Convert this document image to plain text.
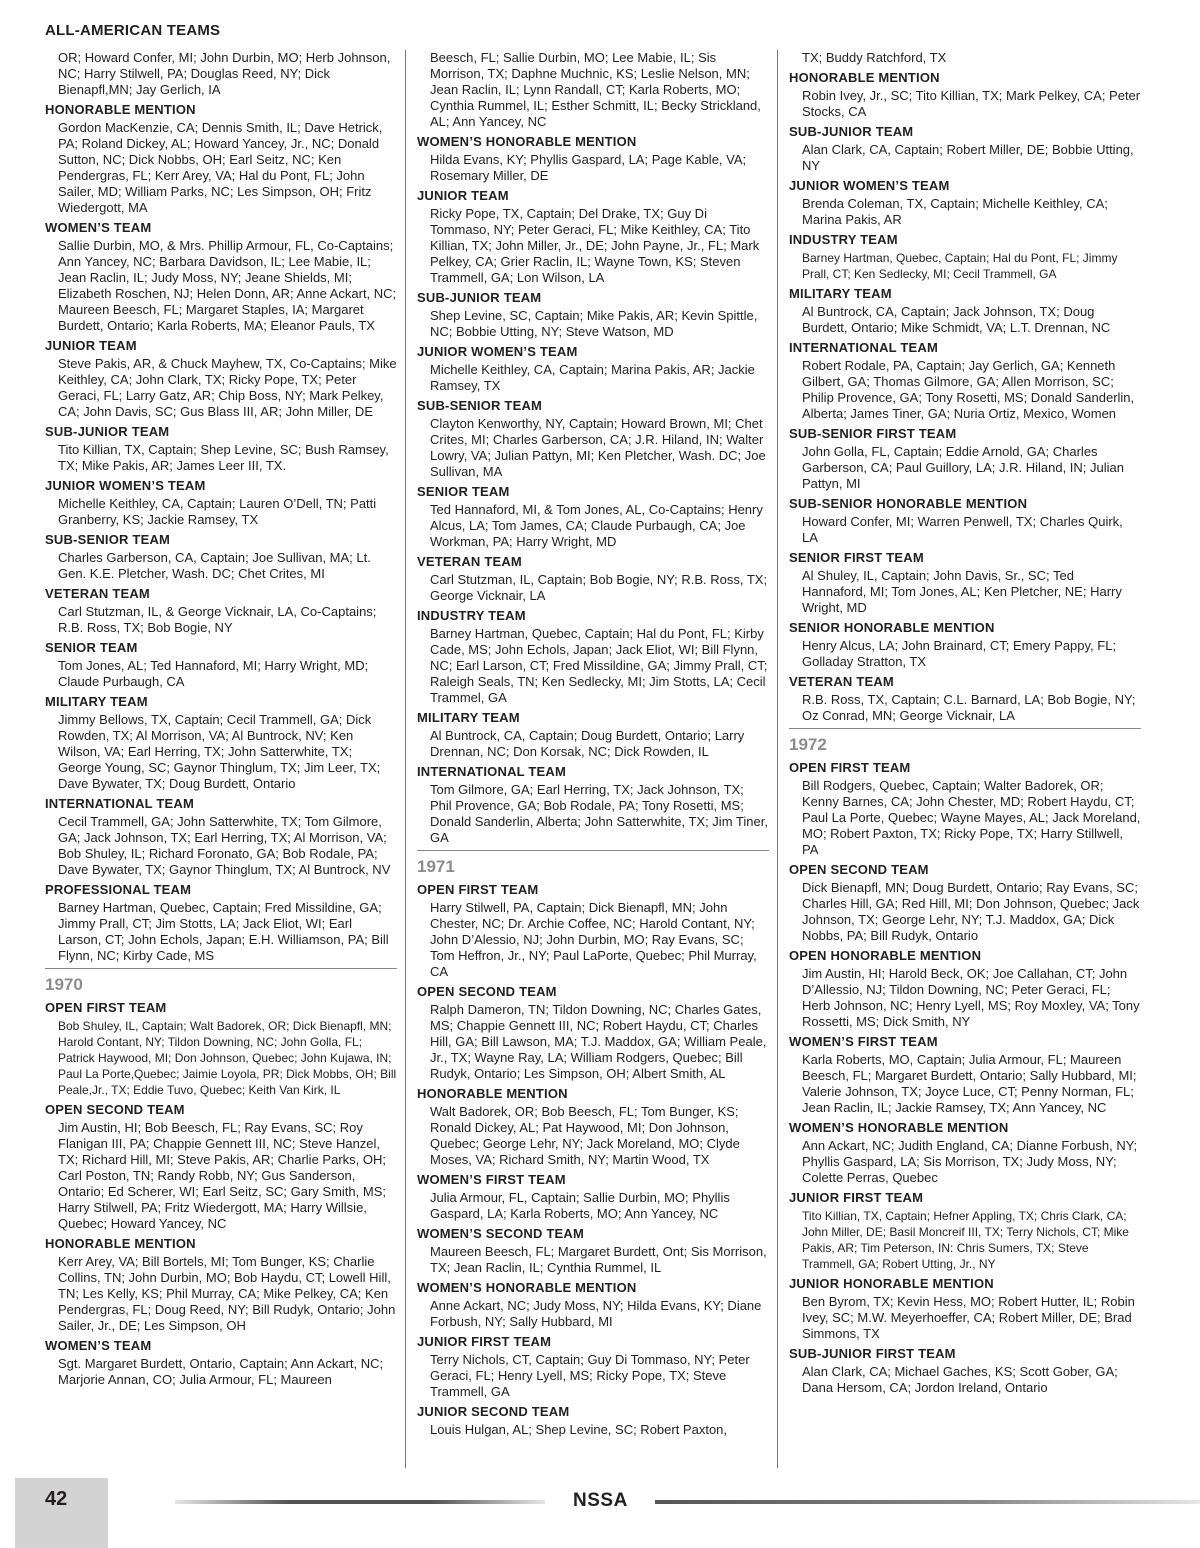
ALL-AMERICAN TEAMS
OR; Howard Confer, MI; John Durbin, MO; Herb Johnson, NC; Harry Stilwell, PA; Douglas Reed, NY; Dick Bienapfl,MN; Jay Gerlich, IA
HONORABLE MENTION
Gordon MacKenzie, CA; Dennis Smith, IL; Dave Hetrick, PA; Roland Dickey, AL; Howard Yancey, Jr., NC; Donald Sutton, NC; Dick Nobbs, OH; Earl Seitz, NC; Ken Pendergras, FL; Kerr Arey, VA; Hal du Pont, FL; John Sailer, MD; William Parks, NC; Les Simpson, OH; Fritz Wiedergott, MA
WOMEN’S TEAM
Sallie Durbin, MO, & Mrs. Phillip Armour, FL, Co-Captains; Ann Yancey, NC; Barbara Davidson, IL; Lee Mabie, IL; Jean Raclin, IL; Judy Moss, NY; Jeane Shields, MI; Elizabeth Roschen, NJ; Helen Donn, AR; Anne Ackart, NC; Maureen Beesch, FL; Margaret Staples, IA; Margaret Burdett, Ontario; Karla Roberts, MA; Eleanor Pauls, TX
JUNIOR TEAM
Steve Pakis, AR, & Chuck Mayhew, TX, Co-Captains; Mike Keithley, CA; John Clark, TX; Ricky Pope, TX; Peter Geraci, FL; Larry Gatz, AR; Chip Boss, NY; Mark Pelkey, CA; John Davis, SC; Gus Blass III, AR; John Miller, DE
SUB-JUNIOR TEAM
Tito Killian, TX, Captain; Shep Levine, SC; Bush Ramsey, TX; Mike Pakis, AR; James Leer III, TX.
JUNIOR WOMEN’S TEAM
Michelle Keithley, CA, Captain; Lauren O’Dell, TN; Patti Granberry, KS; Jackie Ramsey, TX
SUB-SENIOR TEAM
Charles Garberson, CA, Captain; Joe Sullivan, MA; Lt. Gen. K.E. Pletcher, Wash. DC; Chet Crites, MI
VETERAN TEAM
Carl Stutzman, IL, & George Vicknair, LA, Co-Captains; R.B. Ross, TX; Bob Bogie, NY
SENIOR TEAM
Tom Jones, AL; Ted Hannaford, MI; Harry Wright, MD; Claude Purbaugh, CA
MILITARY TEAM
Jimmy Bellows, TX, Captain; Cecil Trammell, GA; Dick Rowden, TX; Al Morrison, VA; Al Buntrock, NV; Ken Wilson, VA; Earl Herring, TX; John Satterwhite, TX; George Young, SC; Gaynor Thinglum, TX; Jim Leer, TX; Dave Bywater, TX; Doug Burdett, Ontario
INTERNATIONAL TEAM
Cecil Trammell, GA; John Satterwhite, TX; Tom Gilmore, GA; Jack Johnson, TX; Earl Herring, TX; Al Morrison, VA; Bob Shuley, IL; Richard Foronato, GA; Bob Rodale, PA; Dave Bywater, TX; Gaynor Thinglum, TX; Al Buntrock, NV
PROFESSIONAL TEAM
Barney Hartman, Quebec, Captain; Fred Missildine, GA; Jimmy Prall, CT; Jim Stotts, LA; Jack Eliot, WI; Earl Larson, CT; John Echols, Japan; E.H. Williamson, PA; Bill Flynn, NC; Kirby Cade, MS
1970
OPEN FIRST TEAM
Bob Shuley, IL, Captain; Walt Badorek, OR; Dick Bienapfl, MN; Harold Contant, NY; Tildon Downing, NC; John Golla, FL; Patrick Haywood, MI; Don Johnson, Quebec; John Kujawa, IN; Paul La Porte,Quebec; Jaimie Loyola, PR; Dick Mobbs, OH; Bill Peale,Jr., TX; Eddie Tuvo, Quebec; Keith Van Kirk, IL
OPEN SECOND TEAM
Jim Austin, HI; Bob Beesch, FL; Ray Evans, SC; Roy Flanigan III, PA; Chappie Gennett III, NC; Steve Hanzel, TX; Richard Hill, MI; Steve Pakis, AR; Charlie Parks, OH; Carl Poston, TN; Randy Robb, NY; Gus Sanderson, Ontario; Ed Scherer, WI; Earl Seitz, SC; Gary Smith, MS; Harry Stilwell, PA; Fritz Wiedergott, MA; Harry Willsie, Quebec; Howard Yancey, NC
HONORABLE MENTION
Kerr Arey, VA; Bill Bortels, MI; Tom Bunger, KS; Charlie Collins, TN; John Durbin, MO; Bob Haydu, CT; Lowell Hill, TN; Les Kelly, KS; Phil Murray, CA; Mike Pelkey, CA; Ken Pendergras, FL; Doug Reed, NY; Bill Rudyk, Ontario; John Sailer, Jr., DE; Les Simpson, OH
WOMEN’S TEAM
Sgt. Margaret Burdett, Ontario, Captain; Ann Ackart, NC; Marjorie Annan, CO; Julia Armour, FL; Maureen
Beesch, FL; Sallie Durbin, MO; Lee Mabie, IL; Sis Morrison, TX; Daphne Muchnic, KS; Leslie Nelson, MN; Jean Raclin, IL; Lynn Randall, CT; Karla Roberts, MO; Cynthia Rummel, IL; Esther Schmitt, IL; Becky Strickland, AL; Ann Yancey, NC
WOMEN’S HONORABLE MENTION
Hilda Evans, KY; Phyllis Gaspard, LA; Page Kable, VA; Rosemary Miller, DE
JUNIOR TEAM
Ricky Pope, TX, Captain; Del Drake, TX; Guy Di Tommaso, NY; Peter Geraci, FL; Mike Keithley, CA; Tito Killian, TX; John Miller, Jr., DE; John Payne, Jr., FL; Mark Pelkey, CA; Grier Raclin, IL; Wayne Town, KS; Steven Trammell, GA; Lon Wilson, LA
SUB-JUNIOR TEAM
Shep Levine, SC, Captain; Mike Pakis, AR; Kevin Spittle, NC; Bobbie Utting, NY; Steve Watson, MD
JUNIOR WOMEN’S TEAM
Michelle Keithley, CA, Captain; Marina Pakis, AR; Jackie Ramsey, TX
SUB-SENIOR TEAM
Clayton Kenworthy, NY, Captain; Howard Brown, MI; Chet Crites, MI; Charles Garberson, CA; J.R. Hiland, IN; Walter Lowry, VA; Julian Pattyn, MI; Ken Pletcher, Wash. DC; Joe Sullivan, MA
SENIOR TEAM
Ted Hannaford, MI, & Tom Jones, AL, Co-Captains; Henry Alcus, LA; Tom James, CA; Claude Purbaugh, CA; Joe Workman, PA; Harry Wright, MD
VETERAN TEAM
Carl Stutzman, IL, Captain; Bob Bogie, NY; R.B. Ross, TX; George Vicknair, LA
INDUSTRY TEAM
Barney Hartman, Quebec, Captain; Hal du Pont, FL; Kirby Cade, MS; John Echols, Japan; Jack Eliot, WI; Bill Flynn, NC; Earl Larson, CT; Fred Missildine, GA; Jimmy Prall, CT; Raleigh Seals, TN; Ken Sedlecky, MI; Jim Stotts, LA; Cecil Trammel, GA
MILITARY TEAM
Al Buntrock, CA, Captain; Doug Burdett, Ontario; Larry Drennan, NC; Don Korsak, NC; Dick Rowden, IL
INTERNATIONAL TEAM
Tom Gilmore, GA; Earl Herring, TX; Jack Johnson, TX; Phil Provence, GA; Bob Rodale, PA; Tony Rosetti, MS; Donald Sanderlin, Alberta; John Satterwhite, TX; Jim Tiner, GA
1971
OPEN FIRST TEAM
Harry Stilwell, PA, Captain; Dick Bienapfl, MN; John Chester, NC; Dr. Archie Coffee, NC; Harold Contant, NY; John D’Alessio, NJ; John Durbin, MO; Ray Evans, SC; Tom Heffron, Jr., NY; Paul LaPorte, Quebec; Phil Murray, CA
OPEN SECOND TEAM
Ralph Dameron, TN; Tildon Downing, NC; Charles Gates, MS; Chappie Gennett III, NC; Robert Haydu, CT; Charles Hill, GA; Bill Lawson, MA; T.J. Maddox, GA; William Peale, Jr., TX; Wayne Ray, LA; William Rodgers, Quebec; Bill Rudyk, Ontario; Les Simpson, OH; Albert Smith, AL
HONORABLE MENTION
Walt Badorek, OR; Bob Beesch, FL; Tom Bunger, KS; Ronald Dickey, AL; Pat Haywood, MI; Don Johnson, Quebec; George Lehr, NY; Jack Moreland, MO; Clyde Moses, VA; Richard Smith, NY; Martin Wood, TX
WOMEN’S FIRST TEAM
Julia Armour, FL, Captain; Sallie Durbin, MO; Phyllis Gaspard, LA; Karla Roberts, MO; Ann Yancey, NC
WOMEN’S SECOND TEAM
Maureen Beesch, FL; Margaret Burdett, Ont; Sis Morrison, TX; Jean Raclin, IL; Cynthia Rummel, IL
WOMEN’S HONORABLE MENTION
Anne Ackart, NC; Judy Moss, NY; Hilda Evans, KY; Diane Forbush, NY; Sally Hubbard, MI
JUNIOR FIRST TEAM
Terry Nichols, CT, Captain; Guy Di Tommaso, NY; Peter Geraci, FL; Henry Lyell, MS; Ricky Pope, TX; Steve Trammell, GA
JUNIOR SECOND TEAM
Louis Hulgan, AL; Shep Levine, SC; Robert Paxton,
TX; Buddy Ratchford, TX
HONORABLE MENTION
Robin Ivey, Jr., SC; Tito Killian, TX; Mark Pelkey, CA; Peter Stocks, CA
SUB-JUNIOR TEAM
Alan Clark, CA, Captain; Robert Miller, DE; Bobbie Utting, NY
JUNIOR WOMEN’S TEAM
Brenda Coleman, TX, Captain; Michelle Keithley, CA; Marina Pakis, AR
INDUSTRY TEAM
Barney Hartman, Quebec, Captain; Hal du Pont, FL; Jimmy Prall, CT; Ken Sedlecky, MI; Cecil Trammell, GA
MILITARY TEAM
Al Buntrock, CA, Captain; Jack Johnson, TX; Doug Burdett, Ontario; Mike Schmidt, VA; L.T. Drennan, NC
INTERNATIONAL TEAM
Robert Rodale, PA, Captain; Jay Gerlich, GA; Kenneth Gilbert, GA; Thomas Gilmore, GA; Allen Morrison, SC; Philip Provence, GA; Tony Rosetti, MS; Donald Sanderlin, Alberta; James Tiner, GA; Nuria Ortiz, Mexico, Women
SUB-SENIOR FIRST TEAM
John Golla, FL, Captain; Eddie Arnold, GA; Charles Garberson, CA; Paul Guillory, LA; J.R. Hiland, IN; Julian Pattyn, MI
SUB-SENIOR HONORABLE MENTION
Howard Confer, MI; Warren Penwell, TX; Charles Quirk, LA
SENIOR FIRST TEAM
Al Shuley, IL, Captain; John Davis, Sr., SC; Ted Hannaford, MI; Tom Jones, AL; Ken Pletcher, NE; Harry Wright, MD
SENIOR HONORABLE MENTION
Henry Alcus, LA; John Brainard, CT; Emery Pappy, FL; Golladay Stratton, TX
VETERAN TEAM
R.B. Ross, TX, Captain; C.L. Barnard, LA; Bob Bogie, NY; Oz Conrad, MN; George Vicknair, LA
1972
OPEN FIRST TEAM
Bill Rodgers, Quebec, Captain; Walter Badorek, OR; Kenny Barnes, CA; John Chester, MD; Robert Haydu, CT; Paul La Porte, Quebec; Wayne Mayes, AL; Jack Moreland, MO; Robert Paxton, TX; Ricky Pope, TX; Harry Stillwell, PA
OPEN SECOND TEAM
Dick Bienapfl, MN; Doug Burdett, Ontario; Ray Evans, SC; Charles Hill, GA; Red Hill, MI; Don Johnson, Quebec; Jack Johnson, TX; George Lehr, NY; T.J. Maddox, GA; Dick Nobbs, PA; Bill Rudyk, Ontario
OPEN HONORABLE MENTION
Jim Austin, HI; Harold Beck, OK; Joe Callahan, CT; John D’Allessio, NJ; Tildon Downing, NC; Peter Geraci, FL; Herb Johnson, NC; Henry Lyell, MS; Roy Moxley, VA; Tony Rossetti, MS; Dick Smith, NY
WOMEN’S FIRST TEAM
Karla Roberts, MO, Captain; Julia Armour, FL; Maureen Beesch, FL; Margaret Burdett, Ontario; Sally Hubbard, MI; Valerie Johnson, TX; Joyce Luce, CT; Penny Norman, FL; Jean Raclin, IL; Jackie Ramsey, TX; Ann Yancey, NC
WOMEN’S HONORABLE MENTION
Ann Ackart, NC; Judith England, CA; Dianne Forbush, NY; Phyllis Gaspard, LA; Sis Morrison, TX; Judy Moss, NY; Colette Perras, Quebec
JUNIOR FIRST TEAM
Tito Killian, TX, Captain; Hefner Appling, TX; Chris Clark, CA; John Miller, DE; Basil Moncreif III, TX; Terry Nichols, CT; Mike Pakis, AR; Tim Peterson, IN: Chris Sumers, TX; Steve Trammell, GA; Robert Utting, Jr., NY
JUNIOR HONORABLE MENTION
Ben Byrom, TX; Kevin Hess, MO; Robert Hutter, IL; Robin Ivey, SC; M.W. Meyerhoeffer, CA; Robert Miller, DE; Brad Simmons, TX
SUB-JUNIOR FIRST TEAM
Alan Clark, CA; Michael Gaches, KS; Scott Gober, GA; Dana Hersom, CA; Jordon Ireland, Ontario
42	NSSA
